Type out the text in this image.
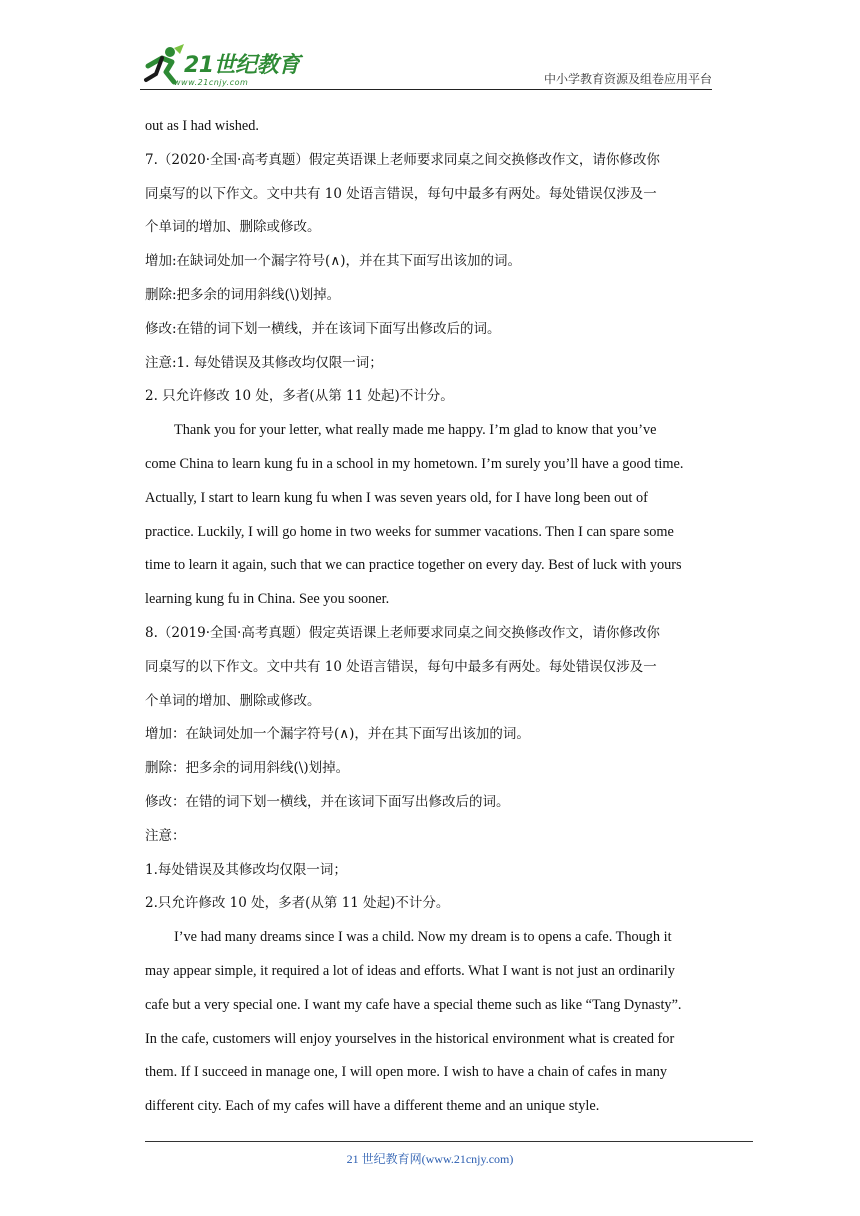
21世纪教育
www.21cnjy.com	中小学教育资源及组卷应用平台
out as I had wished.
7.（2020·全国·高考真题）假定英语课上老师要求同桌之间交换修改作文，请你修改你
同桌写的以下作文。文中共有 10 处语言错误，每句中最多有两处。每处错误仅涉及一
个单词的增加、删除或修改。
增加:在缺词处加一个漏字符号(∧)，并在其下面写出该加的词。
删除:把多余的词用斜线(\)划掉。
修改:在错的词下划一横线，并在该词下面写出修改后的词。
注意:1. 每处错误及其修改均仅限一词；
2. 只允许修改 10 处，多者(从第 11 处起)不计分。
Thank you for your letter, what really made me happy. I’m glad to know that you’ve
come China to learn kung fu in a school in my hometown. I’m surely you’ll have a good time.
Actually, I start to learn kung fu when I was seven years old, for I have long been out of
practice. Luckily, I will go home in two weeks for summer vacations. Then I can spare some
time to learn it again, such that we can practice together on every day. Best of luck with yours
learning kung fu in China. See you sooner.
8.（2019·全国·高考真题）假定英语课上老师要求同桌之间交换修改作文，请你修改你
同桌写的以下作文。文中共有 10 处语言错误，每句中最多有两处。每处错误仅涉及一
个单词的增加、删除或修改。
增加：在缺词处加一个漏字符号(∧)，并在其下面写出该加的词。
删除：把多余的词用斜线(\)划掉。
修改：在错的词下划一横线，并在该词下面写出修改后的词。
注意：
1.每处错误及其修改均仅限一词；
2.只允许修改 10 处，多者(从第 11 处起)不计分。
I’ve had many dreams since I was a child. Now my dream is to opens a cafe. Though it
may appear simple, it required a lot of ideas and efforts. What I want is not just an ordinarily
cafe but a very special one. I want my cafe have a special theme such as like “Tang Dynasty”.
In the cafe, customers will enjoy yourselves in the historical environment what is created for
them. If I succeed in manage one, I will open more. I wish to have a chain of cafes in many
different city. Each of my cafes will have a different theme and an unique style.
21 世纪教育网(www.21cnjy.com)
